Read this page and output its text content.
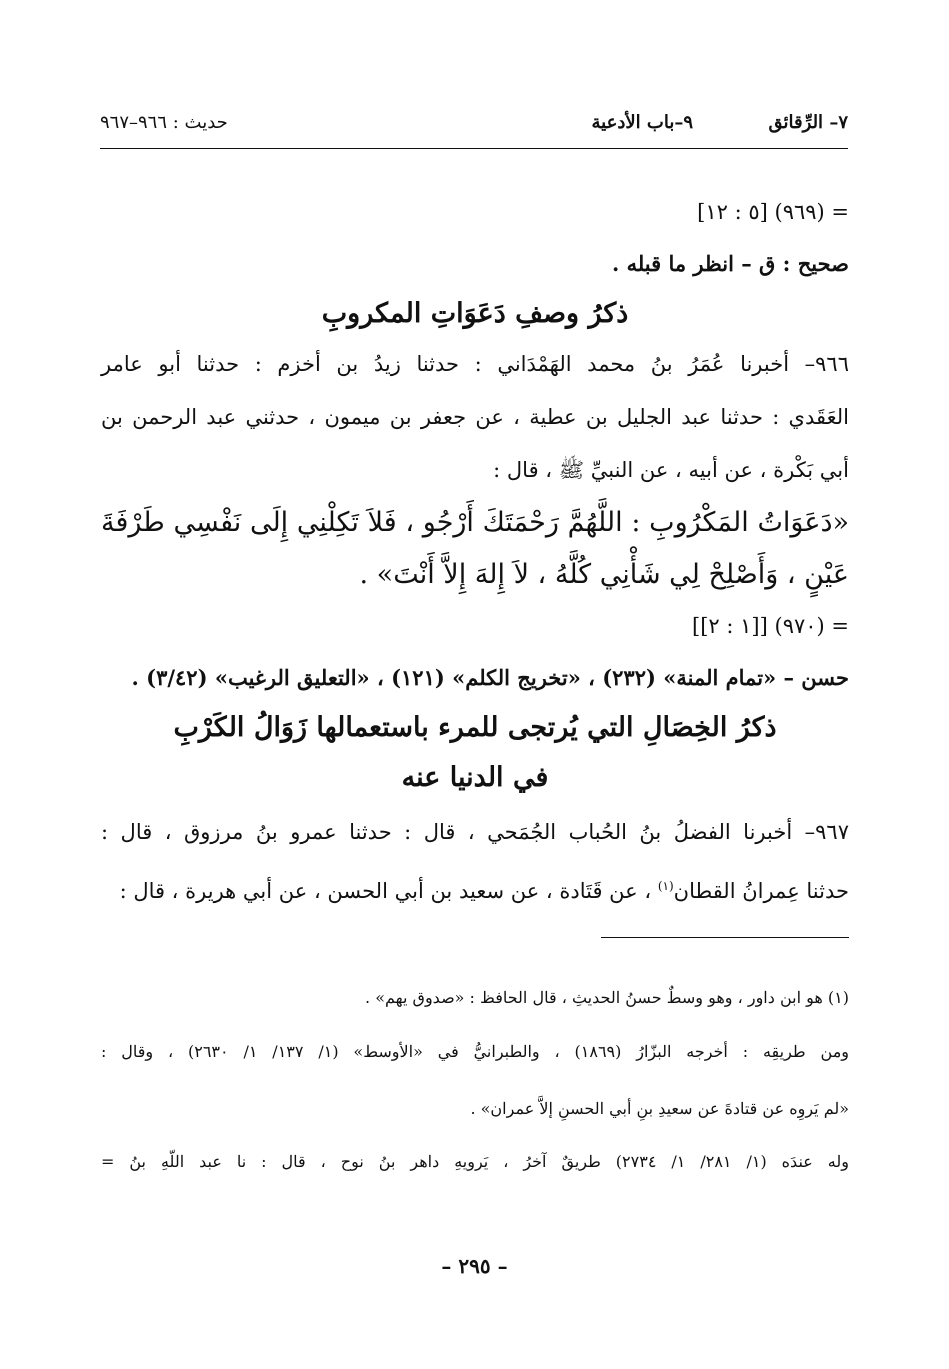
٧– الرِّقائق
٩–باب الأدعية
حديث : ٩٦٦–٩٦٧
= (٩٦٩) [٥ : ١٢]
صحيح : ق – انظر ما قبله .
ذكرُ وصفِ دَعَوَاتِ المكروبِ
٩٦٦– أخبرنا عُمَرُ بنُ محمد الهَمْدَاني : حدثنا زيدُ بن أخزم : حدثنا أبو عامر
العَقَدي : حدثنا عبد الجليل بن عطية ، عن جعفر بن ميمون ، حدثني عبد الرحمن بن
أبي بَكْرة ، عن أبيه ، عن النبيِّ ﷺ ، قال :
«دَعَوَاتُ المَكْرُوبِ : اللَّهُمَّ رَحْمَتَكَ أَرْجُو ، فَلاَ تَكِلْنِي إِلَى نَفْسِي طَرْفَةَ
عَيْنٍ ، وَأَصْلِحْ لِي شَأْنِي كُلَّهُ ، لاَ إِلهَ إِلاَّ أَنْتَ» .
= (٩٧٠) [[١ : ٢]]
حسن – «تمام المنة» (٢٣٢) ، «تخريج الكلم» (١٢١) ، «التعليق الرغيب» (٣/٤٢) .
ذكرُ الخِصَالِ التي يُرتجى للمرء باستعمالها زَوَالُ الكَرْبِ
في الدنيا عنه
٩٦٧– أخبرنا الفضلُ بنُ الحُباب الجُمَحي ، قال : حدثنا عمرو بنُ مرزوق ، قال :
حدثنا عِمرانُ القطان$^{(١)}$ ، عن قَتَادة ، عن سعيد بن أبي الحسن ، عن أبي هريرة ، قال :
(١) هو ابن داور ، وهو وسطٌ حسنُ الحديثِ ، قال الحافظ : «صدوق يهم» .
ومن طريقِه : أخرجه البزّارُ (١٨٦٩) ، والطبرانيُّ في «الأوسط» (١/ ١٣٧/ ١/ ٢٦٣٠) ، وقال :
«لم يَروِه عن قتادةَ عن سعيدِ بنِ أبي الحسنِ إلاَّ عمران» .
وله عندَه (١/ ٢٨١/ ١/ ٢٧٣٤) طريقٌ آخرُ ، يَرويهِ داهر بنُ نوح ، قال : نا عبد اللّهِ بنُ =
– ٢٩٥ –
